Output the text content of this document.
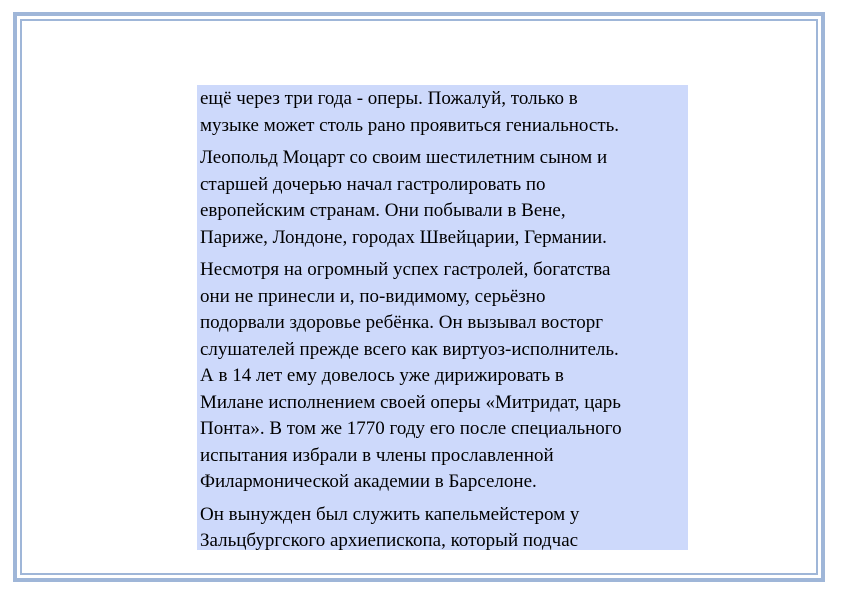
ещё через три года - оперы. Пожалуй, только в
музыке может столь рано проявиться гениальность.

Леопольд Моцарт со своим шестилетним сыном и
старшей дочерью начал гастролировать по
европейским странам. Они побывали в Вене,
Париже, Лондоне, городах Швейцарии, Германии.

Несмотря на огромный успех гастролей, богатства
они не принесли и, по-видимому, серьёзно
подорвали здоровье ребёнка. Он вызывал восторг
слушателей прежде всего как виртуоз-исполнитель.
А в 14 лет ему довелось уже дирижировать в
Милане исполнением своей оперы «Митридат, царь
Понта». В том же 1770 году его после специального
испытания избрали в члены прославленной
Филармонической академии в Барселоне.

Он вынужден был служить капельмейстером у
Зальцбургского архиепископа, который подчас
